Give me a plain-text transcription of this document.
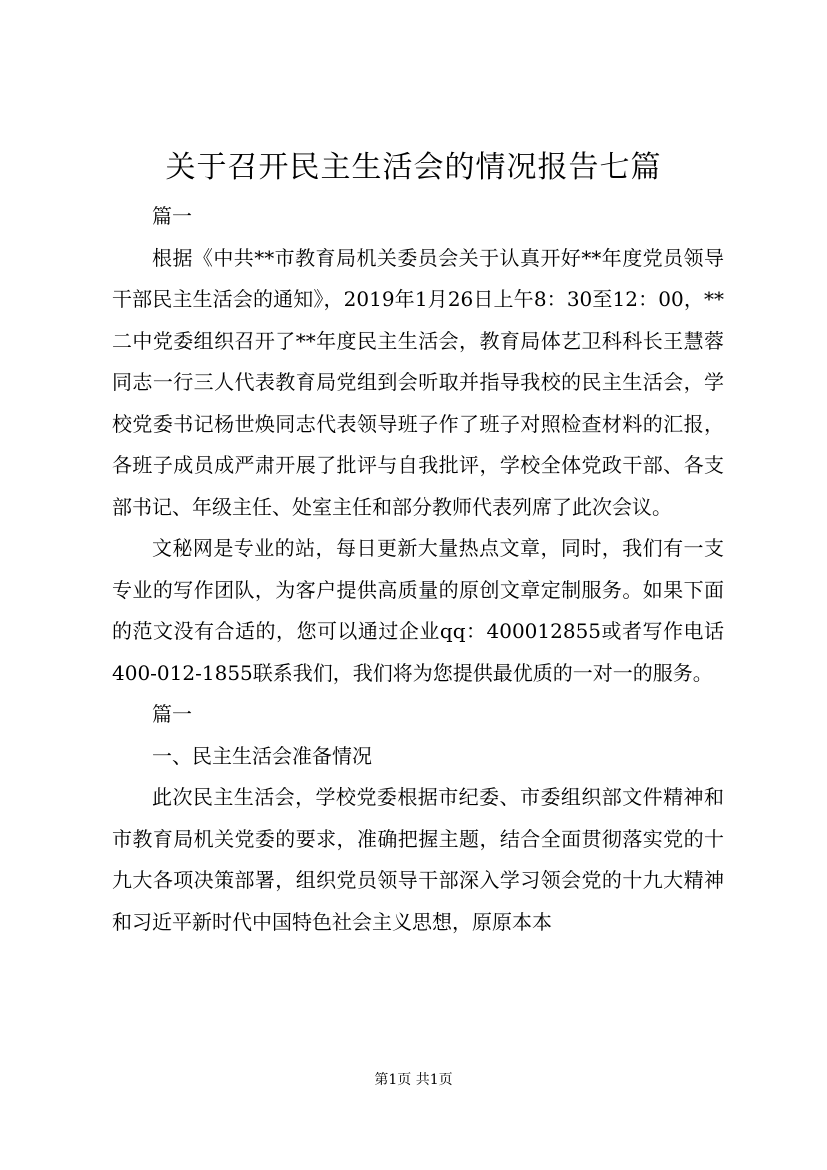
关于召开民主生活会的情况报告七篇

篇一

根据《中共**市教育局机关委员会关于认真开好**年度党员领导干部民主生活会的通知》，2019年1月26日上午8：30至12：00，**二中党委组织召开了**年度民主生活会，教育局体艺卫科科长王慧蓉同志一行三人代表教育局党组到会听取并指导我校的民主生活会，学校党委书记杨世焕同志代表领导班子作了班子对照检查材料的汇报，各班子成员成严肃开展了批评与自我批评，学校全体党政干部、各支部书记、年级主任、处室主任和部分教师代表列席了此次会议。

文秘网是专业的站，每日更新大量热点文章，同时，我们有一支专业的写作团队，为客户提供高质量的原创文章定制服务。如果下面的范文没有合适的，您可以通过企业qq：400012855或者写作电话400-012-1855联系我们，我们将为您提供最优质的一对一的服务。

篇一

一、民主生活会准备情况

此次民主生活会，学校党委根据市纪委、市委组织部文件精神和市教育局机关党委的要求，准确把握主题，结合全面贯彻落实党的十九大各项决策部署，组织党员领导干部深入学习领会党的十九大精神和习近平新时代中国特色社会主义思想，原原本本

第1页 共1页
